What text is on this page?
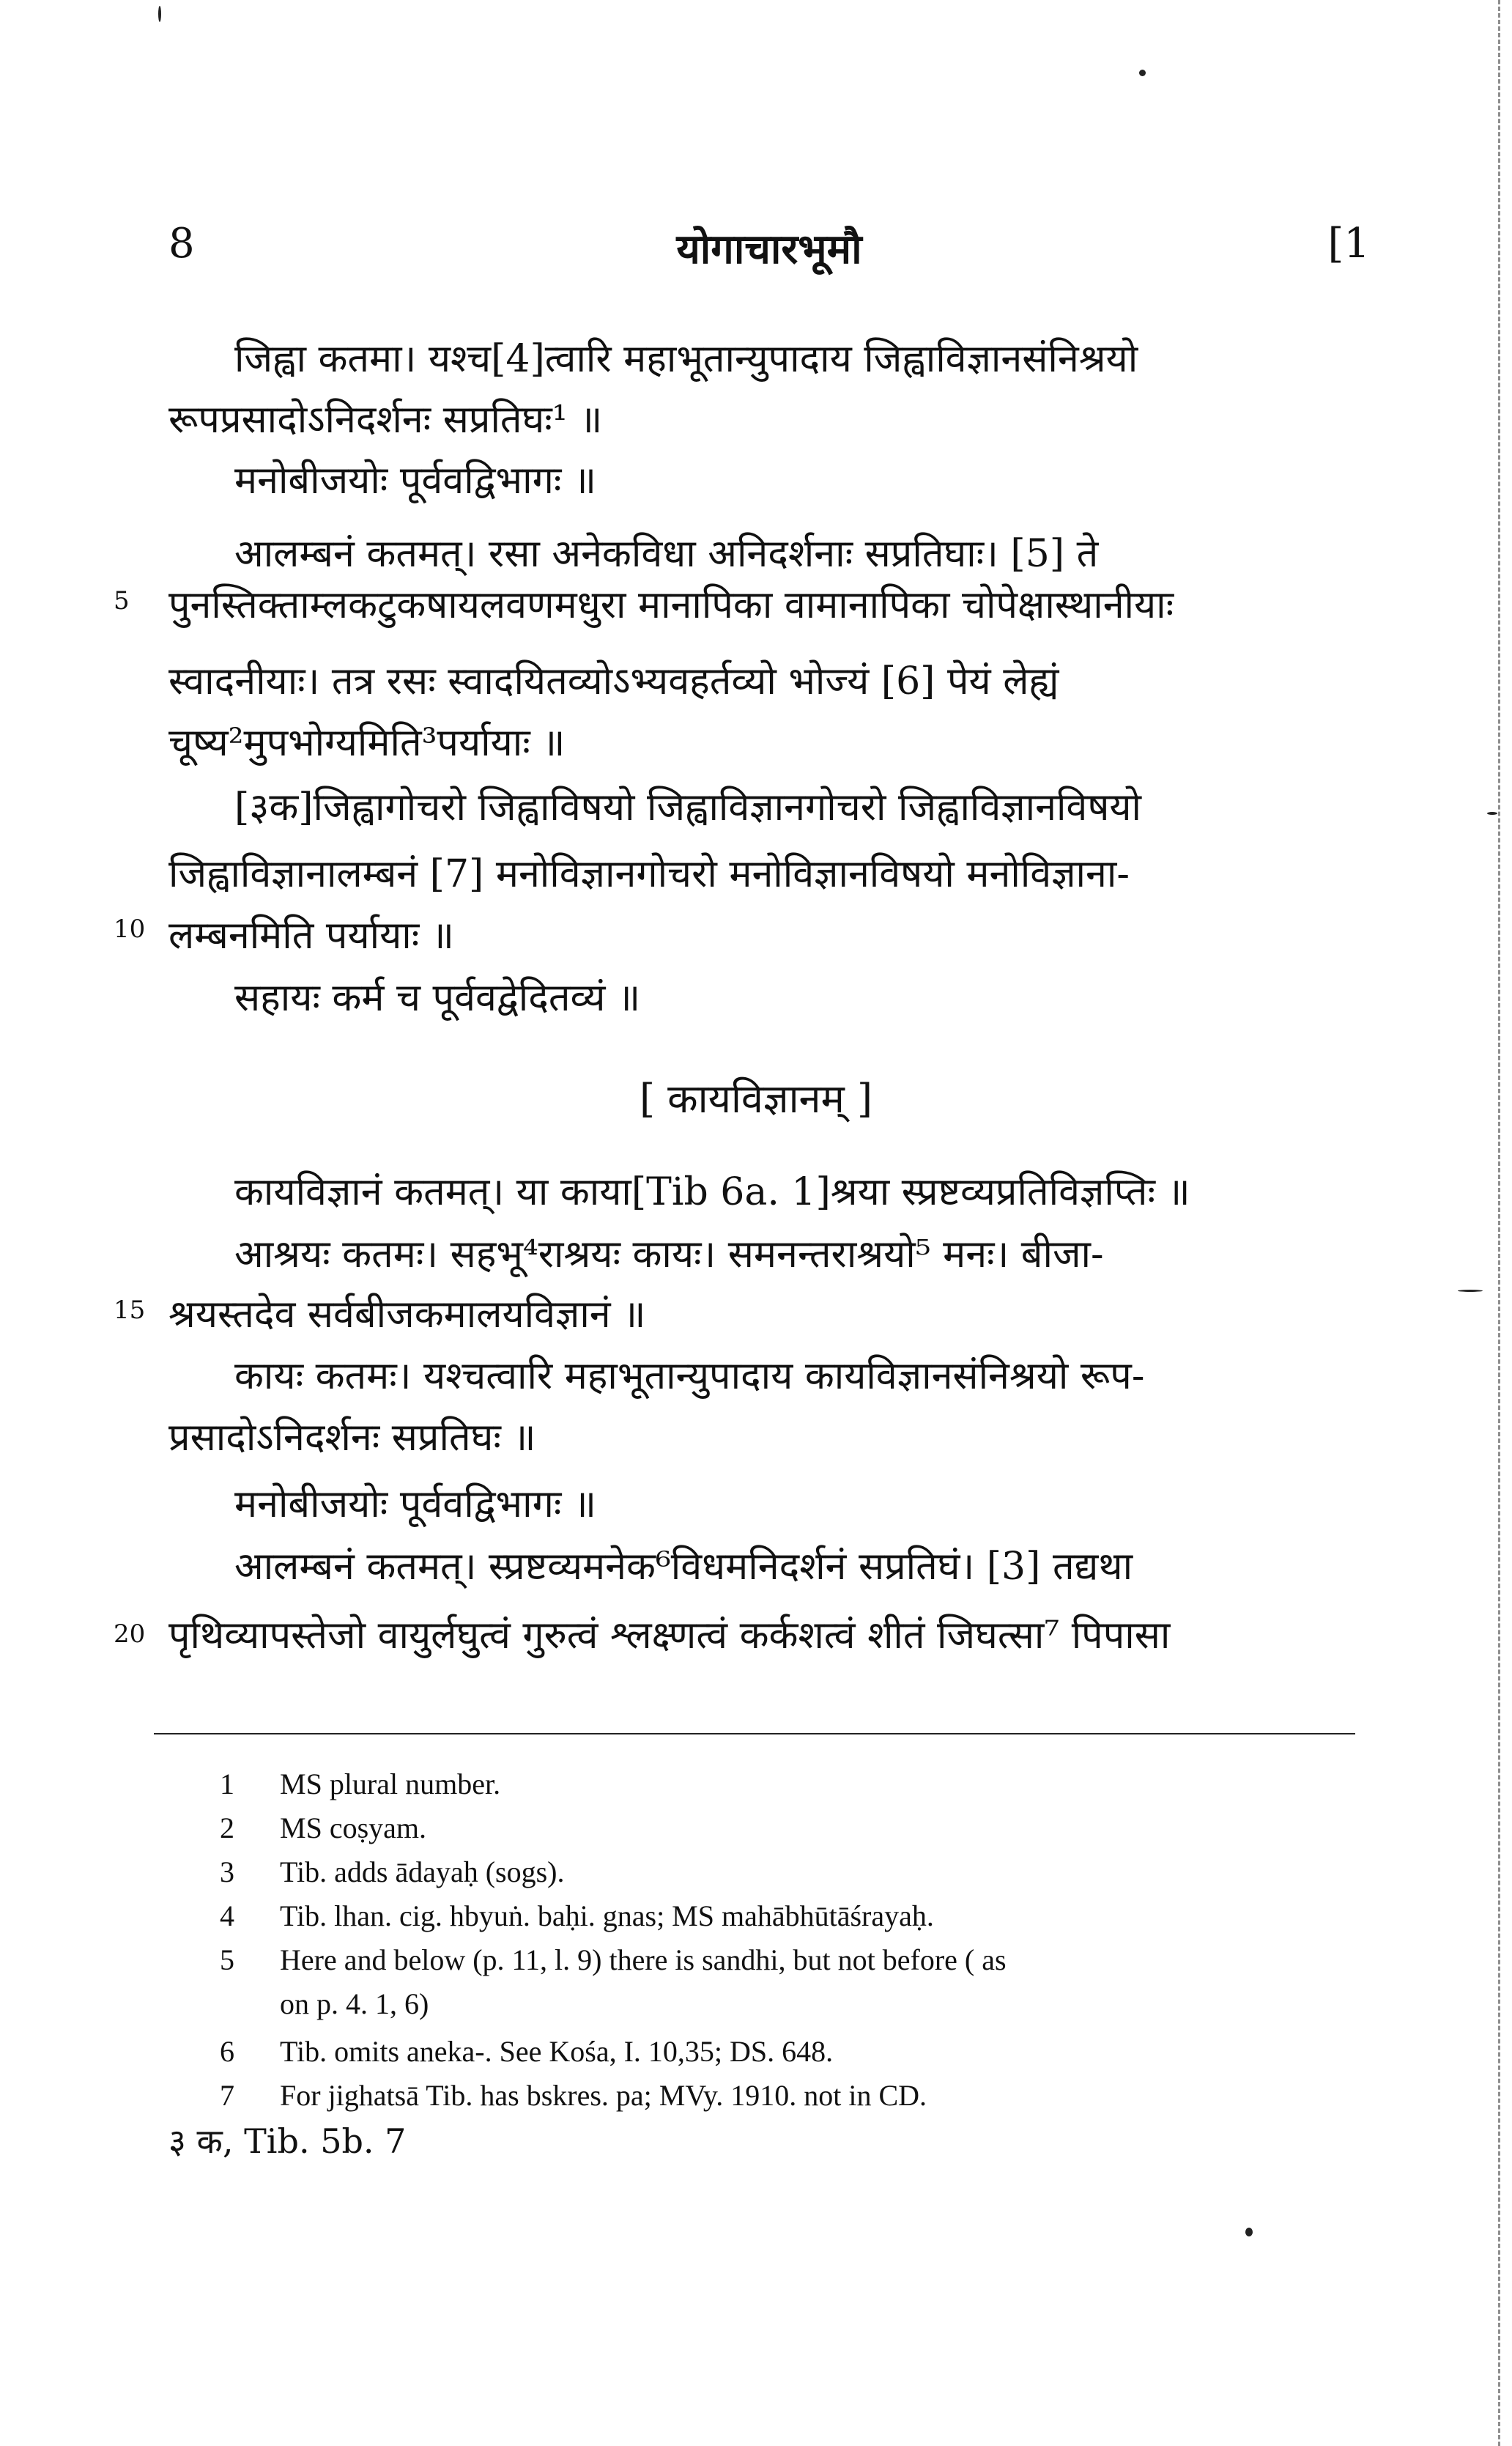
8	योगाचारभूमौ	[1
जिह्वा कतमा। यश्च[4]त्वारि महाभूतान्युपादाय जिह्वाविज्ञानसंनिश्रयो
रूपप्रसादोऽनिदर्शनः सप्रतिघः¹ ॥
मनोबीजयोः पूर्ववद्विभागः ॥
आलम्बनं कतमत्। रसा अनेकविधा अनिदर्शनाः सप्रतिघाः। [5] ते
5 पुनस्तिक्ताम्लकटुकषायलवणमधुरा मानापिका वामानापिका चोपेक्षास्थानीयाः
स्वादनीयाः। तत्र रसः स्वादयितव्योऽभ्यवहर्तव्यो भोज्यं [6] पेयं लेह्यं
चूष्य²मुपभोग्यमिति³पर्यायाः ॥
[३क]जिह्वागोचरो जिह्वाविषयो जिह्वाविज्ञानगोचरो जिह्वाविज्ञानविषयो
जिह्वाविज्ञानालम्बनं [7] मनोविज्ञानगोचरो मनोविज्ञानविषयो मनोविज्ञाना-
10 लम्बनमिति पर्यायाः ॥
सहायः कर्म च पूर्ववद्वेदितव्यं ॥
[ कायविज्ञानम् ]
कायविज्ञानं कतमत्। या काया[Tib 6a. 1]श्रया स्प्रष्टव्यप्रतिविज्ञप्तिः ॥
आश्रयः कतमः। सहभू⁴राश्रयः कायः। समनन्तराश्रयो⁵ मनः। बीजा-
15 श्रयस्तदेव सर्वबीजकमालयविज्ञानं ॥
कायः कतमः। यश्चत्वारि महाभूतान्युपादाय कायविज्ञानसंनिश्रयो रूप-
प्रसादोऽनिदर्शनः सप्रतिघः ॥
मनोबीजयोः पूर्ववद्विभागः ॥
आलम्बनं कतमत्। स्प्रष्टव्यमनेक⁶विधमनिदर्शनं सप्रतिघं। [3] तद्यथा
20 पृथिव्यापस्तेजो वायुर्लघुत्वं गुरुत्वं श्लक्ष्णत्वं कर्कशत्वं शीतं जिघत्सा⁷ पिपासा
1 MS plural number.
2 MS coṣyam.
3 Tib. adds ādayaḥ (sogs).
4 Tib. lhan. cig. hbyuṅ. baḥi. gnas; MS mahābhūtāśrayaḥ.
5 Here and below (p. 11, l. 9) there is sandhi, but not before ( as
on p. 4. 1, 6)
6 Tib. omits aneka-. See Kośa, I. 10,35; DS. 648.
7 For jighatsā Tib. has bskres. pa; MVy. 1910. not in CD.
३ क, Tib. 5b. 7
